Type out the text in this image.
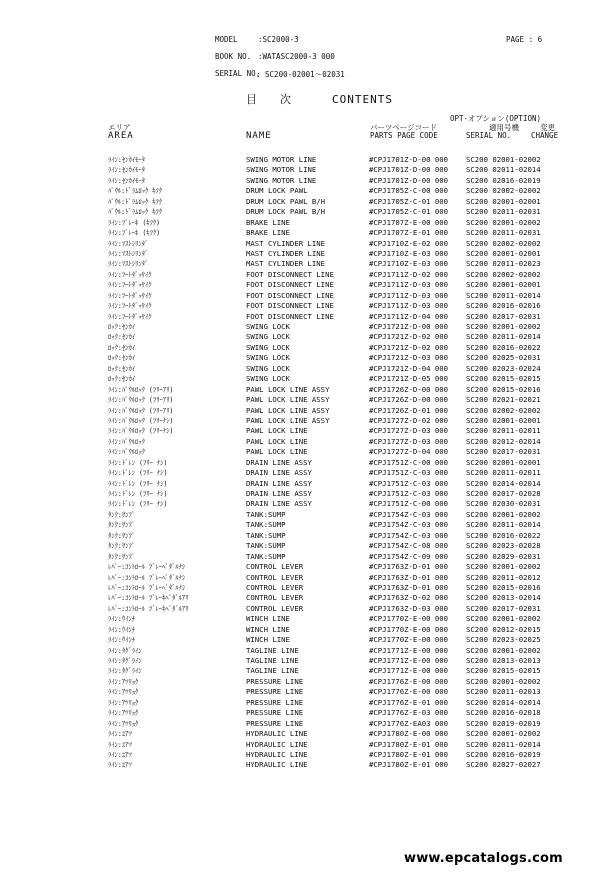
MODEL	:SC2000-3
BOOK NO. :WATASC2000-3 000
SERIAL NO.
: SC200-02001～02031
PAGE : 6
目 次	CONTENTS
エリア
AREA	NAME
パーツページコード
PARTS PAGE CODE
OPT-オプション(OPTION)
適用号機	変更
SERIAL NO.	CHANGE
ﾗｲﾝ:ｾﾝｶｲﾓｰﾀ	SWING MOTOR LINE	#CPJ1701Z-D-00 000 SC200 02001-02002
ﾗｲﾝ:ｾﾝｶｲﾓｰﾀ	SWING MOTOR LINE	#CPJ1701Z-D-00 000 SC200 02011-02014
ﾗｲﾝ:ｾﾝｶｲﾓｰﾀ	SWING MOTOR LINE	#CPJ1701Z-D-00 000 SC200 02016-02019
ﾊﾟｳﾙ:ﾄﾞﾗﾑﾛｯｸ ｷﾌｸ	DRUM LOCK PAWL	#CPJ1705Z-C-00 000 SC200 02002-02002
ﾊﾟｳﾙ:ﾄﾞﾗﾑﾛｯｸ ｷﾌｸ	DRUM LOCK PAWL B/H	#CPJ1705Z-C-01 000 SC200 02001-02001
ﾊﾟｳﾙ:ﾄﾞﾗﾑﾛｯｸ ｷﾌｸ	DRUM LOCK PAWL B/H	#CPJ1705Z-C-01 000 SC200 02011-02031
ﾗｲﾝ:ﾌﾞﾚｰｷ (ｷﾌｸ)	BRAKE LINE	#CPJ1707Z-E-00 000 SC200 02001-02002
ﾗｲﾝ:ﾌﾞﾚｰｷ (ｷﾌｸ)	BRAKE LINE	#CPJ1707Z-E-01 000 SC200 02011-02031
ﾗｲﾝ:ﾏｽﾄｼﾘﾝﾀﾞ	MAST CYLINDER LINE	#CPJ1710Z-E-02 000 SC200 02002-02002
ﾗｲﾝ:ﾏｽﾄｼﾘﾝﾀﾞ	MAST CYLINDER LINE	#CPJ1710Z-E-03 000 SC200 02001-02001
ﾗｲﾝ:ﾏｽﾄｼﾘﾝﾀﾞ	MAST CYLINDER LINE	#CPJ1710Z-E-03 000 SC200 02011-02023
ﾗｲﾝ:ﾌｰﾄﾀﾞｯｻｲｸ	FOOT DISCONNECT LINE	#CPJ1711Z-D-02 000 SC200 02002-02002
ﾗｲﾝ:ﾌｰﾄﾀﾞｯｻｲｸ	FOOT DISCONNECT LINE	#CPJ1711Z-D-03 000 SC200 02001-02001
ﾗｲﾝ:ﾌｰﾄﾀﾞｯｻｲｸ	FOOT DISCONNECT LINE	#CPJ1711Z-D-03 000 SC200 02011-02014
ﾗｲﾝ:ﾌｰﾄﾀﾞｯｻｲｸ	FOOT DISCONNECT LINE	#CPJ1711Z-D-03 000 SC200 02016-02016
ﾗｲﾝ:ﾌｰﾄﾀﾞｯｻｲｸ	FOOT DISCONNECT LINE	#CPJ1711Z-D-04 000 SC200 02017-02031
ﾛｯｸ:ｾﾝｶｲ	SWING LOCK	#CPJ1721Z-D-00 000 SC200 02001-02002
ﾛｯｸ:ｾﾝｶｲ	SWING LOCK	#CPJ1721Z-D-02 000 SC200 02011-02014
ﾛｯｸ:ｾﾝｶｲ	SWING LOCK	#CPJ1721Z-D-02 000 SC200 02016-02022
ﾛｯｸ:ｾﾝｶｲ	SWING LOCK	#CPJ1721Z-D-03 000 SC200 02025-02031
ﾛｯｸ:ｾﾝｶｲ	SWING LOCK	#CPJ1721Z-D-04 000 SC200 02023-02024
ﾛｯｸ:ｾﾝｶｲ	SWING LOCK	#CPJ1721Z-D-05 000 SC200 02015-02015
ﾗｲﾝ:ﾊﾟｳﾙﾛｯｸ (ﾌﾘｰｱﾘ)	PAWL LOCK LINE ASSY	#CPJ1726Z-D-00 000 SC200 02015-02016
ﾗｲﾝ:ﾊﾟｳﾙﾛｯｸ (ﾌﾘｰｱﾘ)	PAWL LOCK LINE ASSY	#CPJ1726Z-D-00 000 SC200 02021-02021
ﾗｲﾝ:ﾊﾟｳﾙﾛｯｸ (ﾌﾘｰｱﾘ)	PAWL LOCK LINE ASSY	#CPJ1726Z-D-01 000 SC200 02002-02002
ﾗｲﾝ:ﾊﾟｳﾙﾛｯｸ (ﾌﾘｰﾅｼ)	PAWL LOCK LINE ASSY	#CPJ1727Z-D-02 000 SC200 02001-02001
ﾗｲﾝ:ﾊﾟｳﾙﾛｯｸ (ﾌﾘｰﾅｼ)	PAWL LOCK LINE	#CPJ1727Z-D-03 000 SC200 02011-02011
ﾗｲﾝ:ﾊﾟｳﾙﾛｯｸ	PAWL LOCK LINE	#CPJ1727Z-D-03 000 SC200 02012-02014
ﾗｲﾝ:ﾊﾟｳﾙﾛｯｸ	PAWL LOCK LINE	#CPJ1727Z-D-04 000 SC200 02017-02031
ﾗｲﾝ:ﾄﾞﾚﾝ (ﾌﾘｰ ﾅｼ)	DRAIN LINE ASSY	#CPJ1751Z-C-00 000 SC200 02001-02001
ﾗｲﾝ:ﾄﾞﾚﾝ (ﾌﾘｰ ﾅｼ)	DRAIN LINE ASSY	#CPJ1751Z-C-03 000 SC200 02011-02011
ﾗｲﾝ:ﾄﾞﾚﾝ (ﾌﾘｰ ﾅｼ)	DRAIN LINE ASSY	#CPJ1751Z-C-03 000 SC200 02014-02014
ﾗｲﾝ:ﾄﾞﾚﾝ (ﾌﾘｰ ﾅｼ)	DRAIN LINE ASSY	#CPJ1751Z-C-03 000 SC200 02017-02028
ﾗｲﾝ:ﾄﾞﾚﾝ (ﾌﾘｰ ﾅｼ)	DRAIN LINE ASSY	#CPJ1751Z-C-00 000 SC200 02030-02031
ﾀﾝｸ:ｻﾝﾌﾟ	TANK:SUMP	#CPJ1754Z-C-03 000 SC200 02001-02002
ﾀﾝｸ:ｻﾝﾌﾟ	TANK:SUMP	#CPJ1754Z-C-03 000 SC200 02011-02014
ﾀﾝｸ:ｻﾝﾌﾟ	TANK:SUMP	#CPJ1754Z-C-03 000 SC200 02016-02022
ﾀﾝｸ:ｻﾝﾌﾟ	TANK:SUMP	#CPJ1754Z-C-08 000 SC200 02023-02028
ﾀﾝｸ:ｻﾝﾌﾟ	TANK:SUMP	#CPJ1754Z-C-09 000 SC200 02029-02031
ﾚﾊﾞｰ:ｺﾝﾄﾛｰﾙ ﾌﾞﾚｰﾍﾟﾀﾞﾙﾅｼ	CONTROL LEVER	#CPJ1763Z-D-01 000 SC200 02001-02002
ﾚﾊﾞｰ:ｺﾝﾄﾛｰﾙ ﾌﾞﾚｰﾍﾟﾀﾞﾙﾅｼ	CONTROL LEVER	#CPJ1763Z-D-01 000 SC200 02011-02012
ﾚﾊﾞｰ:ｺﾝﾄﾛｰﾙ ﾌﾞﾚｰﾍﾟﾀﾞﾙﾅｼ	CONTROL LEVER	#CPJ1763Z-D-01 000 SC200 02015-02016
ﾚﾊﾞｰ:ｺﾝﾄﾛｰﾙ ﾌﾞﾚｰｷﾍﾟﾀﾞﾙｱﾘ	CONTROL LEVER	#CPJ1763Z-D-02 000 SC200 02013-02014
ﾚﾊﾞｰ:ｺﾝﾄﾛｰﾙ ﾌﾞﾚｰｷﾍﾟﾀﾞﾙｱﾘ	CONTROL LEVER	#CPJ1763Z-D-03 000 SC200 02017-02031
ﾗｲﾝ:ｳｲﾝﾁ	WINCH LINE	#CPJ1770Z-E-00 000 SC200 02001-02002
ﾗｲﾝ:ｳｲﾝﾁ	WINCH LINE	#CPJ1770Z-E-00 000 SC200 02012-02015
ﾗｲﾝ:ｳｲﾝﾁ	WINCH LINE	#CPJ1770Z-E-00 000 SC200 02023-02025
ﾗｲﾝ:ﾀｸﾞﾗｲﾝ	TAGLINE LINE	#CPJ1771Z-E-00 000 SC200 02001-02002
ﾗｲﾝ:ﾀｸﾞﾗｲﾝ	TAGLINE LINE	#CPJ1771Z-E-00 000 SC200 02013-02013
ﾗｲﾝ:ﾀｸﾞﾗｲﾝ	TAGLINE LINE	#CPJ1771Z-E-00 000 SC200 02015-02015
ﾗｲﾝ:ｱﾂﾘｮｸ	PRESSURE LINE	#CPJ1776Z-E-00 000 SC200 02001-02002
ﾗｲﾝ:ｱﾂﾘｮｸ	PRESSURE LINE	#CPJ1776Z-E-00 000 SC200 02011-02013
ﾗｲﾝ:ｱﾂﾘｮｸ	PRESSURE LINE	#CPJ1776Z-E-01 000 SC200 02014-02014
ﾗｲﾝ:ｱﾂﾘｮｸ	PRESSURE LINE	#CPJ1776Z-E-03 000 SC200 02016-02018
ﾗｲﾝ:ｱﾂﾘｮｸ	PRESSURE LINE	#CPJ1776Z-EA03 000 SC200 02019-02019
ﾗｲﾝ:ﾕｱﾂ	HYDRAULIC LINE	#CPJ1780Z-E-00 000 SC200 02001-02002
ﾗｲﾝ:ﾕｱﾂ	HYDRAULIC LINE	#CPJ1780Z-E-01 000 SC200 02011-02014
ﾗｲﾝ:ﾕｱﾂ	HYDRAULIC LINE	#CPJ1780Z-E-01 000 SC200 02016-02019
ﾗｲﾝ:ﾕｱﾂ	HYDRAULIC LINE	#CPJ1780Z-E-01 000 SC200 02027-02027
www.epcatalogs.com
